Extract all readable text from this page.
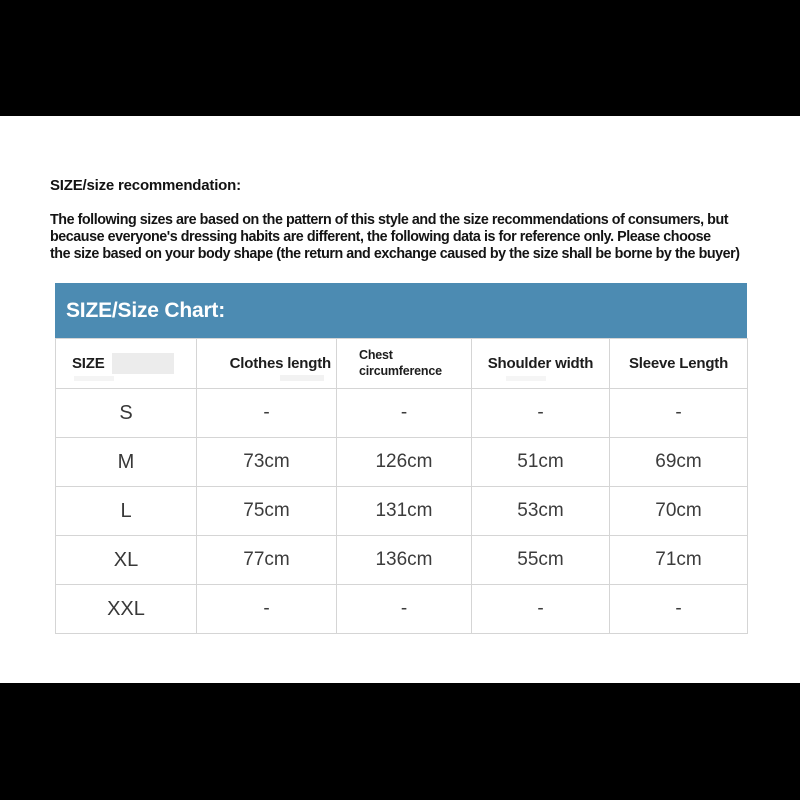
SIZE/size recommendation:
The following sizes are based on the pattern of this style and the size recommendations of consumers, but
because everyone's dressing habits are different, the following data is for reference only. Please choose
the size based on your body shape (the return and exchange caused by the size shall be borne by the buyer)
SIZE/Size Chart:
SIZE	Clothes length	Chest circumference	Shoulder width	Sleeve Length
S	-	-	-	-
M	73cm	126cm	51cm	69cm
L	75cm	131cm	53cm	70cm
XL	77cm	136cm	55cm	71cm
XXL	-	-	-	-
